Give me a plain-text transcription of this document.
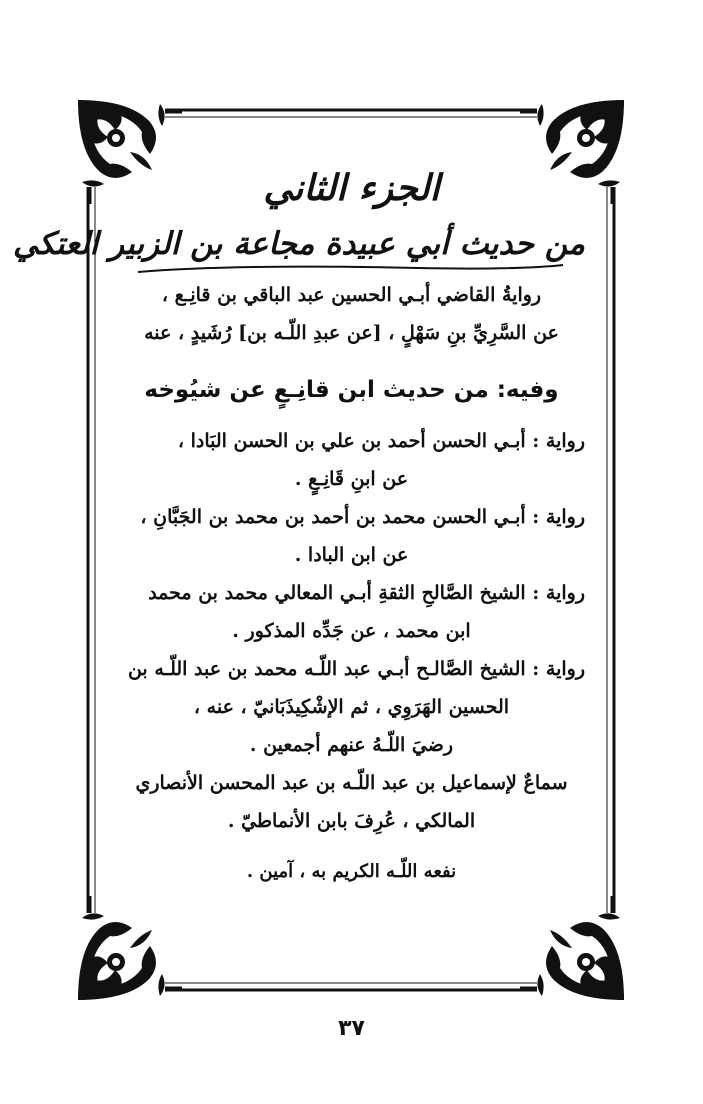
الجزء الثاني

من حديث أبي عبيدة مجاعة بن الزبير العتكي

روايةُ القاضي أبـي الحسين عبد الباقي بن قانِـع ،
عن السَّرِيِّ بنِ سَهْلٍ ، [عن عبدِ اللّـه بن] رُشَيدٍ ، عنه
وفيه: من حديث ابن قانِـعٍ عن شيُوخه
رواية : أبـي الحسن أحمد بن علي بن الحسن البَادا ،
عن ابنِ قَانِـعٍ .
رواية : أبـي الحسن محمد بن أحمد بن محمد بن الجَبَّانِ ،
عن ابن البادا .
رواية : الشيخ الصَّالحِ الثقةِ أبـي المعالي محمد بن محمد
ابن محمد ، عن جَدِّه المذكور .
رواية : الشيخ الصَّالـح أبـي عبد اللّـه محمد بن عبد اللّـه بن
الحسين الهَرَوِي ، ثم الإشْكِيذَبَانيّ ، عنه ،
رضيَ اللّـهُ عنهم أجمعين .
سماعٌ لإسماعيل بن عبد اللّـه بن عبد المحسن الأنصاري
المالكي ، عُرِفَ بابن الأنماطيّ .
نفعه اللّـه الكريم به ، آمين .
٣٧
